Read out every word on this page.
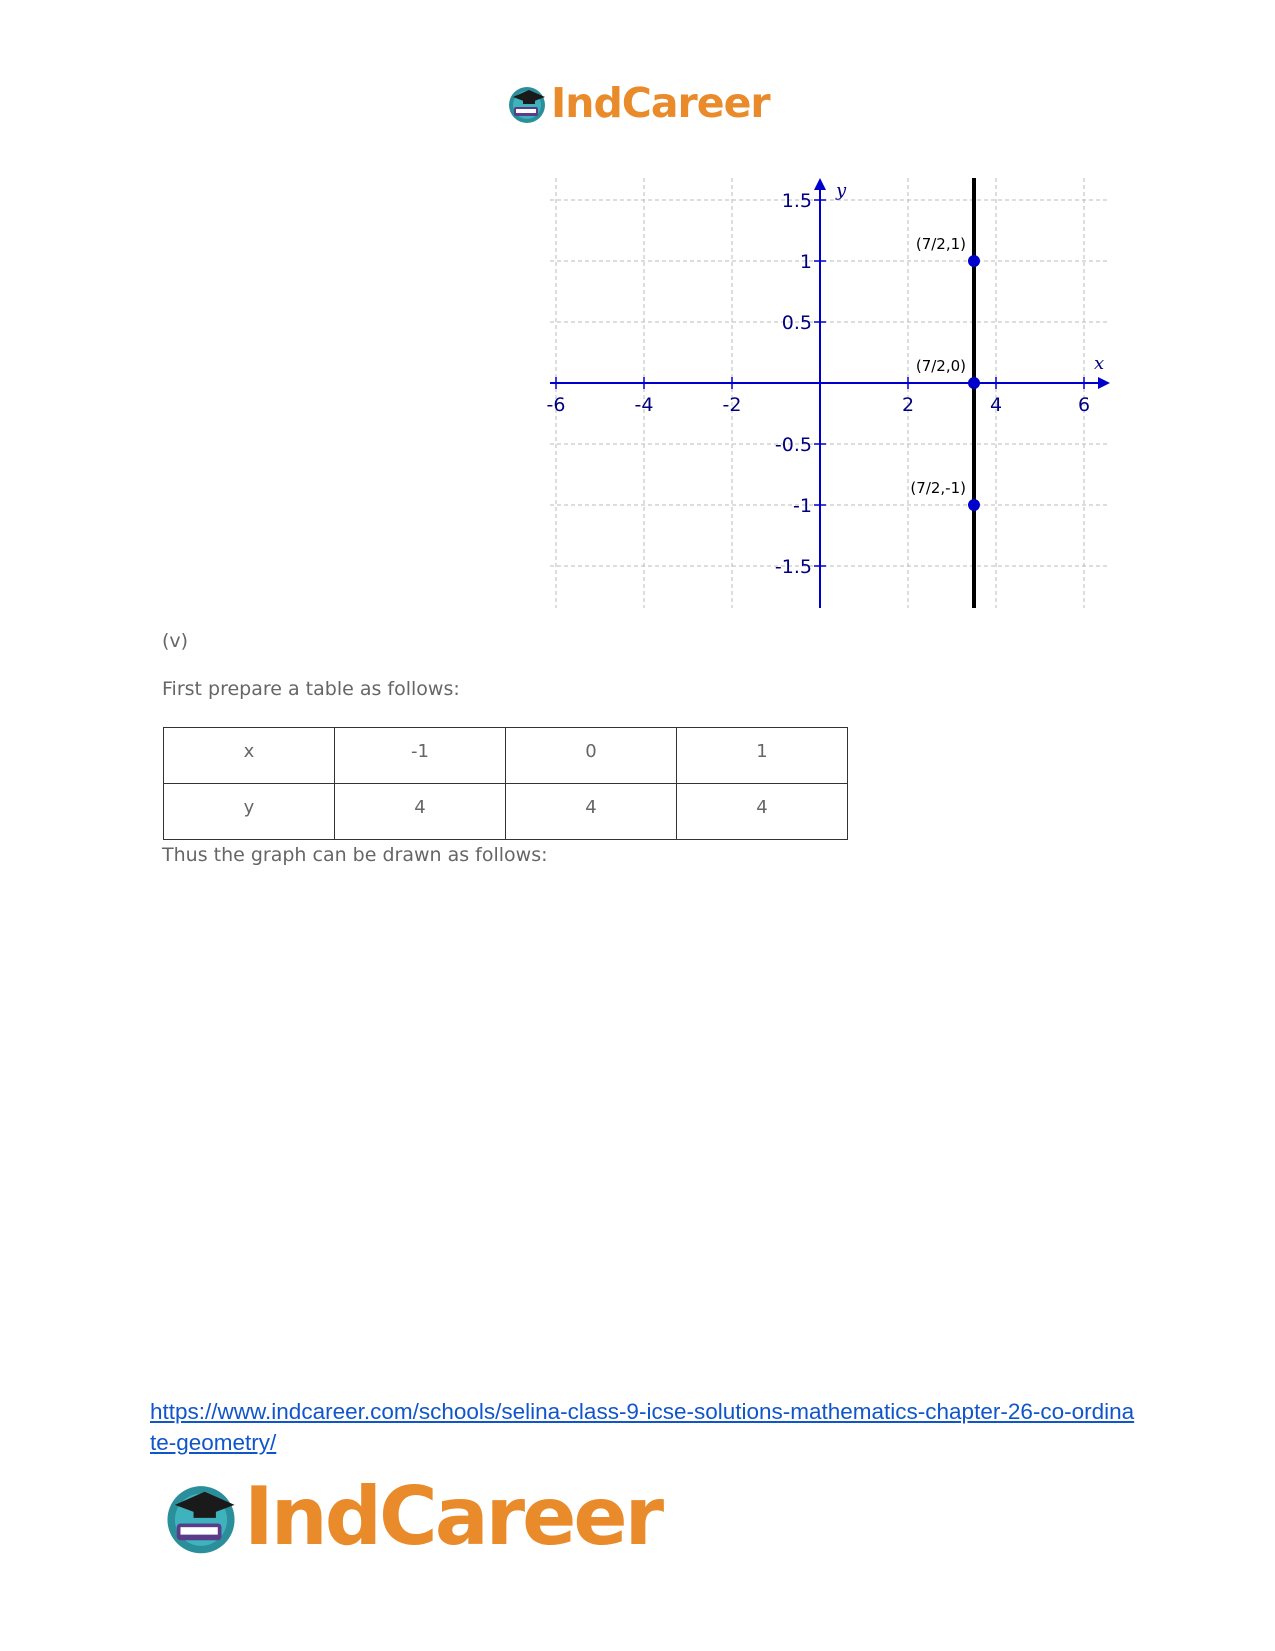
IndCareer
x
y
-6	-4	-2	2	4	6
1.5
1
0.5
-0.5
-1
-1.5
(7/2,1)
(7/2,0)
(7/2,-1)
(v)
First prepare a table as follows:
x	-1	0	1
y	4	4	4
Thus the graph can be drawn as follows:
https://www.indcareer.com/schools/selina-class-9-icse-solutions-mathematics-chapter-26-co-ordinate-geometry/
IndCareer
